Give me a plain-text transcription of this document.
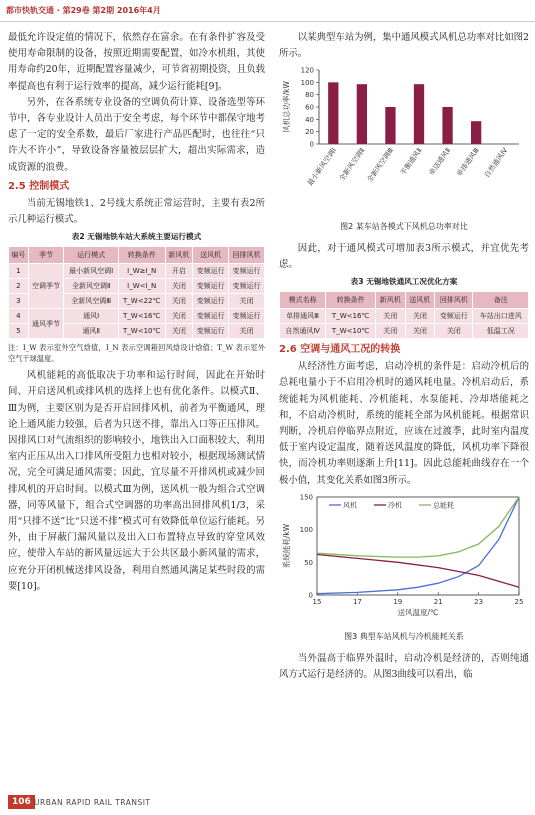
都市快轨交通 · 第29卷 第2期 2016年4月

最低允许设定值的情况下，依然存在富余。在有条件扩容及受使用寿命限制的设备，按照近期需要配置，如冷水机组，其使用寿命约20年，近期配置容量减少，可节省初期投资，且负载率提高也有利于运行效率的提高，减少运行能耗[9]。

另外，在各系统专业设备的空调负荷计算、设备选型等环节中，各专业设计人员出于安全考虑，每个环节中都保守地考虑了一定的安全系数，最后厂家进行产品匹配时，也往往“只许大不许小”，导致设备容量被层层扩大，超出实际需求，造成资源的浪费。

2.5 控制模式

当前无锡地铁1、2号线大系统正常运营时，主要有表2所示几种运行模式。

表2 无锡地铁车站大系统主要运行模式
编号	季节	运行模式	转换条件	新风机	送风机	回排风机
1	空调季节	最小新风空调Ⅰ	I_W≥I_N	开启	变频运行	变频运行
2		全新风空调Ⅱ	I_W<I_N	关闭	变频运行	变频运行
3		全新风空调Ⅲ	T_W<22℃	关闭	变频运行	关闭
4	通风季节	通风Ⅰ	T_W<16℃	关闭	变频运行	变频运行
5		通风Ⅱ	T_W<10℃	关闭	变频运行	关闭
注：I_W 表示室外空气焓值，I_N 表示空调箱回风焓设计焓值；T_W 表示室外空气干球温度。

风机能耗的高低取决于功率和运行时间，因此在开始时间、开启送风机或排风机的选择上也有优化条件。以模式Ⅱ、Ⅲ为例，主要区别为是否开启回排风机，前者为平衡通风，理论上通风能力较强，后者为只送不排，靠出入口等正压排风。因排风口对气流组织的影响较小，地铁出入口面积较大，利用室内正压从出入口排风所受阻力也相对较小，根据现场测试情况，完全可满足通风需要；因此，宜尽量不开排风机或减少回排风机的开启时间。以模式Ⅲ为例，送风机一般为组合式空调器，同等风量下，组合式空调器的功率高出回排风机1/3，采用“只排不送”比“只送不排”模式可有效降低单位运行能耗。另外，由于屏蔽门漏风量以及出入口布置特点导致的穿堂风效应，使带入车站的新风量远远大于公共区最小新风量的需求，应充分开闭机械送排风设备，利用自然通风满足某些时段的需要[10]。

以某典型车站为例，集中通风模式风机总功率对比如图2所示。

0
20
40
60
80
100
120
风机总功率/kW
最小新风空调Ⅰ 全新风空调Ⅱ 全新风空调Ⅲ 平衡通风Ⅱ 单送通风Ⅱ 单排通风Ⅲ 自然通风Ⅳ
图2 某车站各模式下风机总功率对比

因此，对于通风模式可增加表3所示模式，并宜优先考虑。

表3 无锡地铁通风工况优化方案
模式名称	转换条件	新风机	送风机	回排风机	备注
单排通风Ⅲ	T_W<16℃	关闭	关闭	变频运行	车站出口进风
自然通风Ⅳ	T_W<10℃	关闭	关闭	关闭	低温工况
2.6 空调与通风工况的转换

从经济性方面考虑，启动冷机的条件是：启动冷机后的总耗电量小于不启用冷机时的通风耗电量。冷机启动后，系统能耗为风机能耗、冷机能耗、水泵能耗、冷却塔能耗之和，不启动冷机时，系统的能耗全部为风机能耗。根据常识判断，冷机启停临界点附近，应该在过渡季，此时室内温度低于室内设定温度，随着送风温度的降低，风机功率下降很快，而冷机功率则逐渐上升[11]。因此总能耗曲线存在一个极小值，其变化关系如图3所示。

0
50
100
150
15	17	19	21	23	25
送风温度/℃
系统能耗/kW
风机	冷机	总能耗
图3 典型车站风机与冷机能耗关系

当外温高于临界外温时，启动冷机是经济的，否则纯通风方式运行是经济的。从图3曲线可以看出，临

106 URBAN RAPID RAIL TRANSIT
